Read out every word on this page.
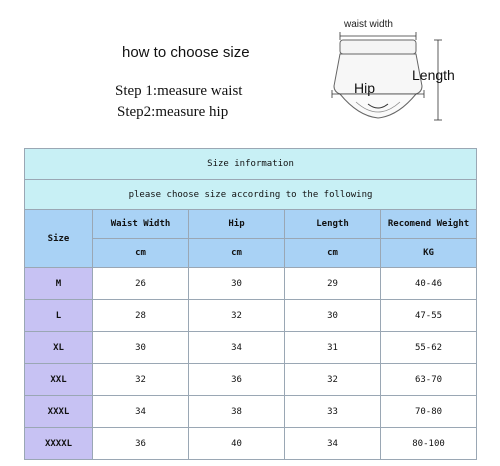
how to choose size
Step 1:measure waist
Step2:measure hip
waist width
Length
Hip
Size information				
please choose size according to the following				
Size	Waist Width	Hip	Length	Recomend Weight
	cm	cm	cm	KG
M	26	30	29	40-46
L	28	32	30	47-55
XL	30	34	31	55-62
XXL	32	36	32	63-70
XXXL	34	38	33	70-80
XXXXL	36	40	34	80-100
